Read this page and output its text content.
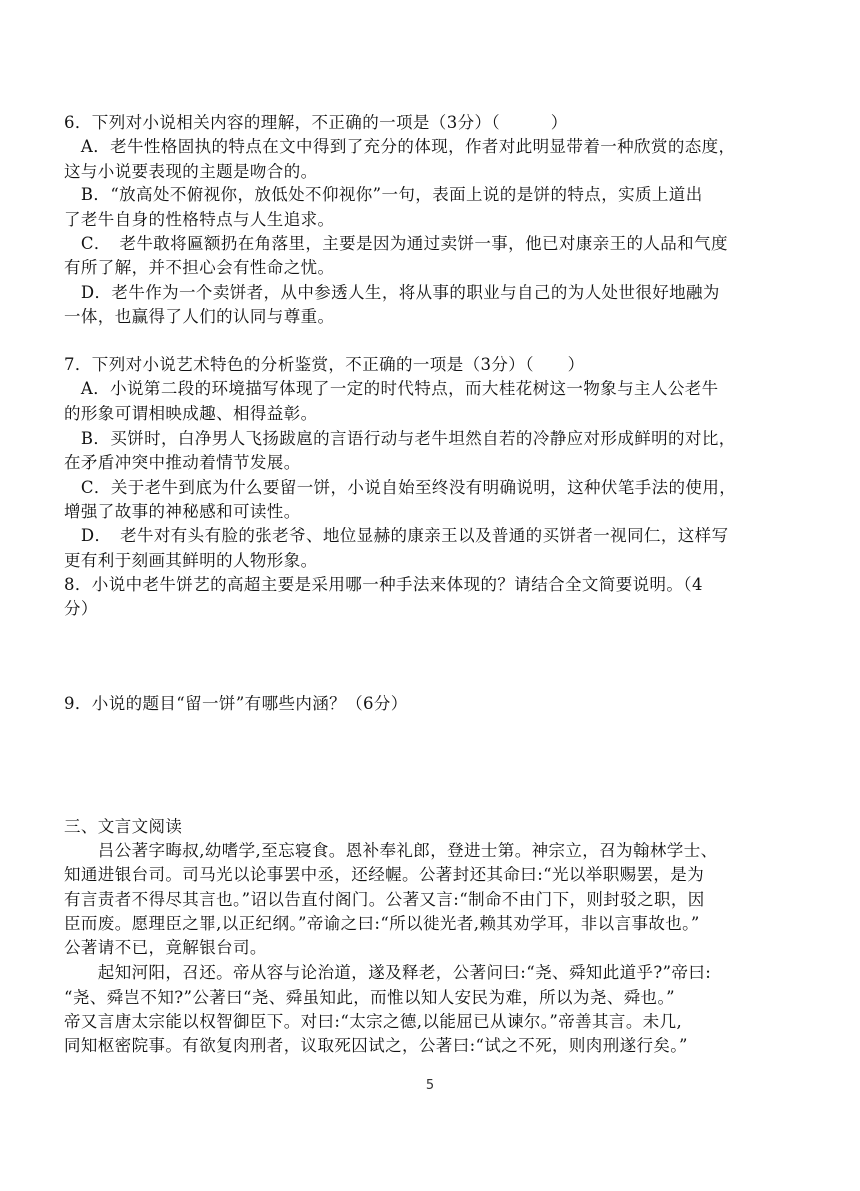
6．下列对小说相关内容的理解，不正确的一项是（3分）（　　　）
　A．老牛性格固执的特点在文中得到了充分的体现，作者对此明显带着一种欣赏的态度，
这与小说要表现的主题是吻合的。
　B．“放高处不俯视你，放低处不仰视你”一句，表面上说的是饼的特点，实质上道出
了老牛自身的性格特点与人生追求。
　C．　老牛敢将匾额扔在角落里，主要是因为通过卖饼一事，他已对康亲王的人品和气度
有所了解，并不担心会有性命之忧。
　D．老牛作为一个卖饼者，从中参透人生，将从事的职业与自己的为人处世很好地融为
一体，也赢得了人们的认同与尊重。
7．下列对小说艺术特色的分析鉴赏，不正确的一项是（3分）（　　）
　A．小说第二段的环境描写体现了一定的时代特点，而大桂花树这一物象与主人公老牛
的形象可谓相映成趣、相得益彰。
　B．买饼时，白净男人飞扬跋扈的言语行动与老牛坦然自若的冷静应对形成鲜明的对比，
在矛盾冲突中推动着情节发展。
　C．关于老牛到底为什么要留一饼，小说自始至终没有明确说明，这种伏笔手法的使用，
增强了故事的神秘感和可读性。
　D．　老牛对有头有脸的张老爷、地位显赫的康亲王以及普通的买饼者一视同仁，这样写
更有利于刻画其鲜明的人物形象。
8．小说中老牛饼艺的高超主要是采用哪一种手法来体现的？请结合全文简要说明。（4
分）
9．小说的题目“留一饼”有哪些内涵？（6分）
三、文言文阅读
　　吕公著字晦叔,幼嗜学,至忘寝食。恩补奉礼郎，登进士第。神宗立，召为翰林学士、
知通进银台司。司马光以论事罢中丞，还经幄。公著封还其命曰:“光以举职赐罢，是为
有言责者不得尽其言也。”诏以告直付阁门。公著又言:“制命不由门下，则封驳之职，因
臣而废。愿理臣之罪,以正纪纲。”帝谕之曰:“所以徙光者,赖其劝学耳，非以言事故也。”
公著请不已，竟解银台司。
　　起知河阳，召还。帝从容与论治道，遂及释老，公著问曰:“尧、舜知此道乎?”帝曰:
“尧、舜岂不知?”公著曰“尧、舜虽知此，而惟以知人安民为难，所以为尧、舜也。”
帝又言唐太宗能以权智御臣下。对曰:“太宗之德,以能屈已从谏尔。”帝善其言。未几,
同知枢密院事。有欲复肉刑者，议取死囚试之，公著曰:“试之不死，则肉刑遂行矣。”
5
